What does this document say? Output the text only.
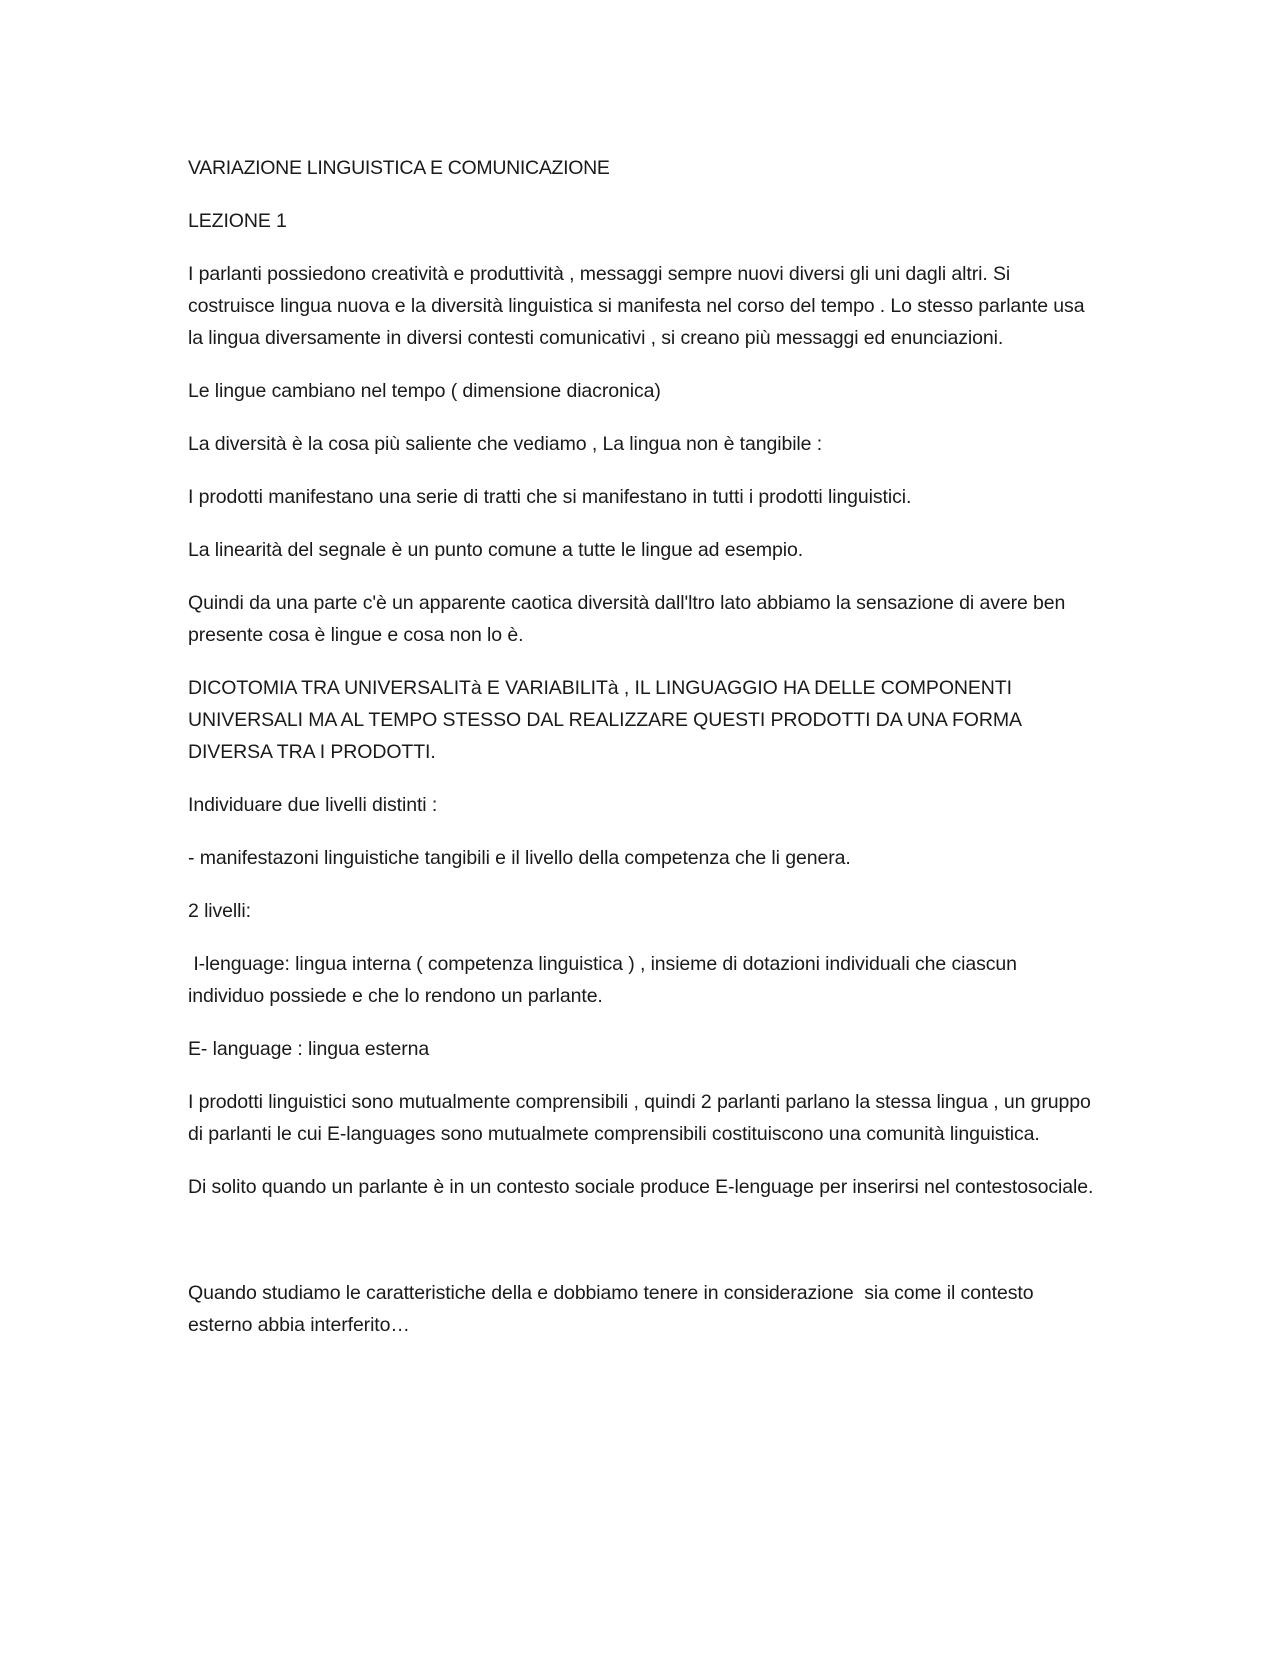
VARIAZIONE LINGUISTICA E COMUNICAZIONE

LEZIONE 1

I parlanti possiedono creatività e produttività , messaggi sempre nuovi diversi gli uni dagli altri. Si costruisce lingua nuova e la diversità linguistica si manifesta nel corso del tempo . Lo stesso parlante usa la lingua diversamente in diversi contesti comunicativi , si creano più messaggi ed enunciazioni.

Le lingue cambiano nel tempo ( dimensione diacronica)

La diversità è la cosa più saliente che vediamo , La lingua non è tangibile :

I prodotti manifestano una serie di tratti che si manifestano in tutti i prodotti linguistici.

La linearità del segnale è un punto comune a tutte le lingue ad esempio.

Quindi da una parte c'è un apparente caotica diversità dall'ltro lato abbiamo la sensazione di avere ben presente cosa è lingue e cosa non lo è.

DICOTOMIA TRA UNIVERSALITà E VARIABILITà , IL LINGUAGGIO HA DELLE COMPONENTI UNIVERSALI MA AL TEMPO STESSO DAL REALIZZARE QUESTI PRODOTTI DA UNA FORMA DIVERSA TRA I PRODOTTI.

Individuare due livelli distinti :

- manifestazoni linguistiche tangibili e il livello della competenza che li genera.

2 livelli:

I-lenguage: lingua interna ( competenza linguistica ) , insieme di dotazioni individuali che ciascun individuo possiede e che lo rendono un parlante.

E- language : lingua esterna

I prodotti linguistici sono mutualmente comprensibili , quindi 2 parlanti parlano la stessa lingua , un gruppo di parlanti le cui E-languages sono mutualmete comprensibili costituiscono una comunità linguistica.

Di solito quando un parlante è in un contesto sociale produce E-lenguage per inserirsi nel contestosociale.

Quando studiamo le caratteristiche della e dobbiamo tenere in considerazione  sia come il contesto esterno abbia interferito…
